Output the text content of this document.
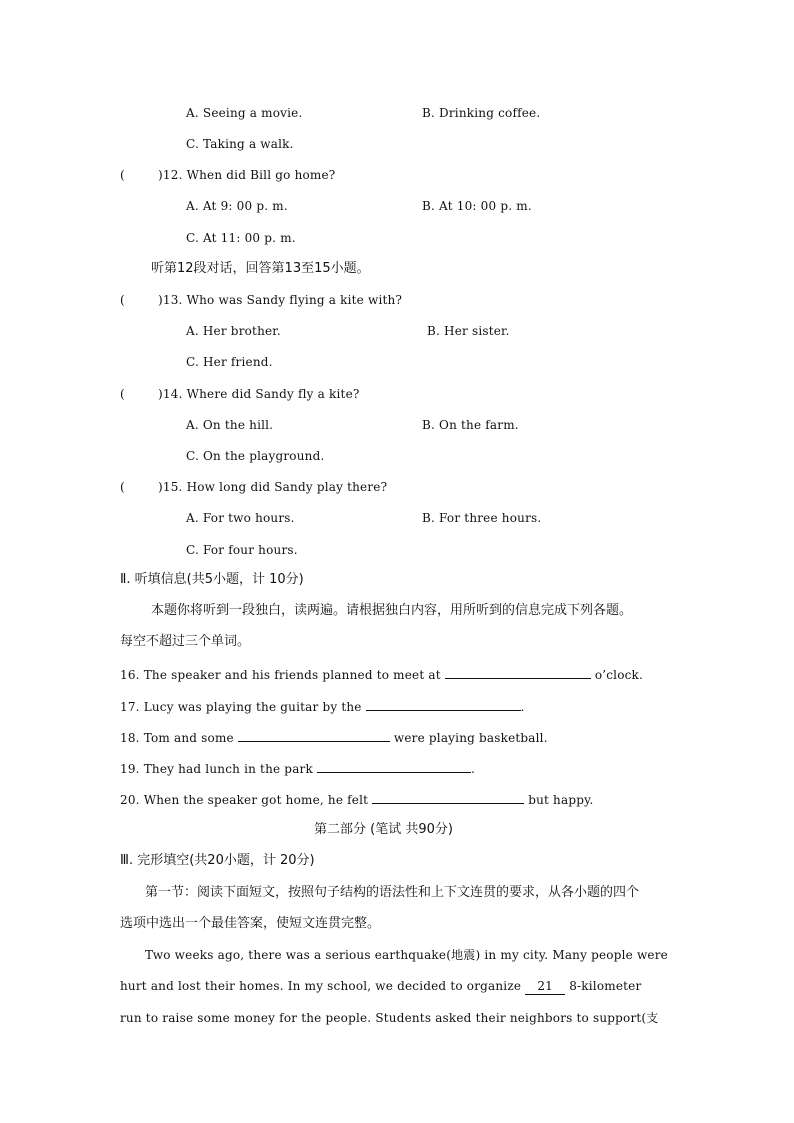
A. Seeing a movie.	B. Drinking coffee.
C. Taking a walk.
(	)12. When did Bill go home?
A. At 9: 00 p. m.	B. At 10: 00 p. m.
C. At 11: 00 p. m.
听第12段对话，回答第13至15小题。
(	)13. Who was Sandy flying a kite with?
A. Her brother.	B. Her sister.
C. Her friend.
(	)14. Where did Sandy fly a kite?
A. On the hill.	B. On the farm.
C. On the playground.
(	)15. How long did Sandy play there?
A. For two hours.	B. For three hours.
C. For four hours.
Ⅱ. 听填信息(共5小题，计 10分)
本题你将听到一段独白，读两遍。请根据独白内容，用所听到的信息完成下列各题。
每空不超过三个单词。
16. The speaker and his friends planned to meet at	o’clock.
17. Lucy was playing the guitar by the	.
18. Tom and some	were playing basketball.
19. They had lunch in the park	.
20. When the speaker got home, he felt	but happy.
第二部分 (笔试 共90分)
Ⅲ. 完形填空(共20小题，计 20分)
第一节：阅读下面短文，按照句子结构的语法性和上下文连贯的要求，从各小题的四个
选项中选出一个最佳答案，使短文连贯完整。
Two weeks ago, there was a serious earthquake(地震) in my city. Many people were
hurt and lost their homes. In my school, we decided to organize 21 8-kilometer
run to raise some money for the people. Students asked their neighbors to support(支
